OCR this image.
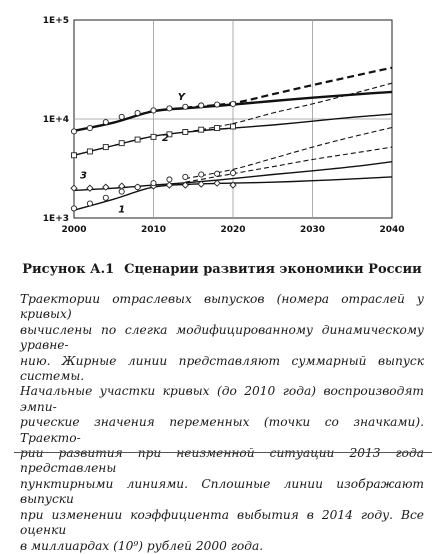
2000	2010	2020	2030	2040
1E+5
1E+4
1E+3
Y
2
3
1
Рисунок А.1 Сценарии развития экономики России
Траектории отраслевых выпусков (номера отраслей у кривых)
вычислены по слегка модифицированному динамическому уравне-
нию. Жирные линии представляют суммарный выпуск системы.
Начальные участки кривых (до 2010 года) воспроизводят эмпи-
рические значения переменных (точки со значками). Траекто-
рии развития при неизменной ситуации 2013 года представлены
пунктирными линиями. Сплошные линии изображают выпуски
при изменении коэффициента выбытия в 2014 году. Все оценки
в миллиардах (10⁹) рублей 2000 года.
